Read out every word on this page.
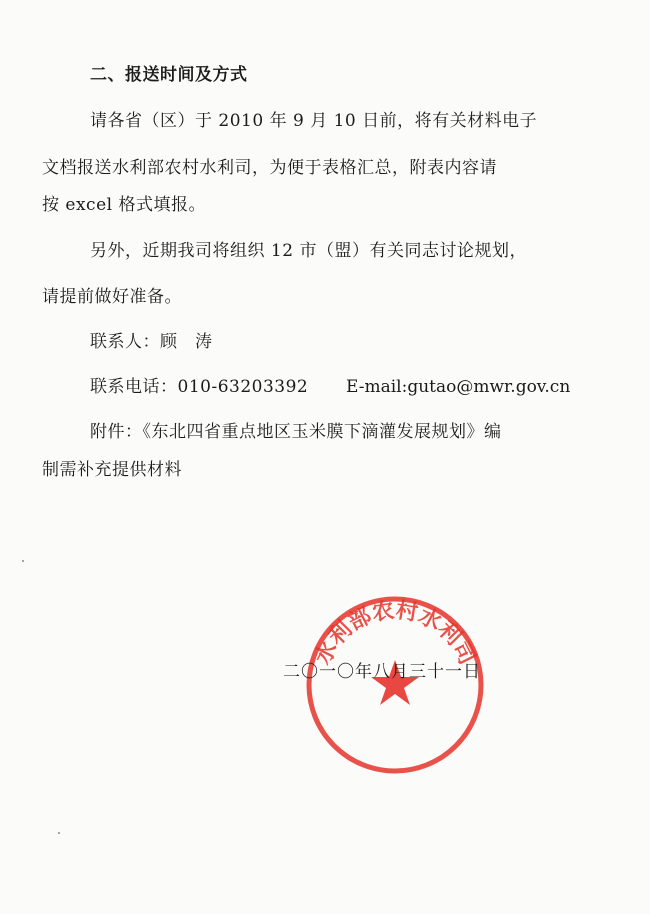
二、报送时间及方式
请各省（区）于 2010 年 9 月 10 日前，将有关材料电子
文档报送水利部农村水利司，为便于表格汇总，附表内容请
按 excel 格式填报。
另外，近期我司将组织 12 市（盟）有关同志讨论规划，
请提前做好准备。
联系人：顾　涛
联系电话：010-63203392 E-mail:gutao@mwr.gov.cn
附件：《东北四省重点地区玉米膜下滴灌发展规划》编
制需补充提供材料
水利部农村水利司
二〇一〇年八月三十一日
